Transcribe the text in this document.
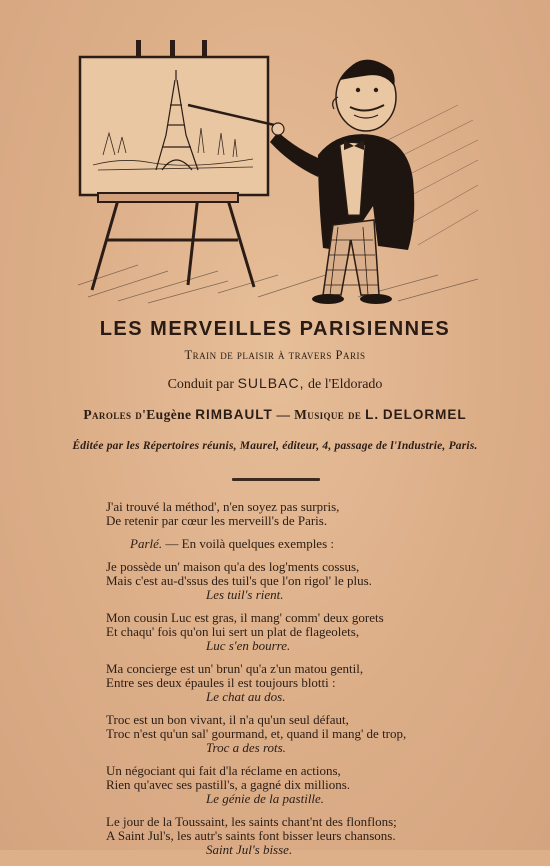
LES MERVEILLES PARISIENNES
Train de plaisir à travers Paris
Conduit par SULBAC, de l'Eldorado
Paroles d'Eugène RIMBAULT — Musique de L. DELORMEL
Éditée par les Répertoires réunis, Maurel, éditeur, 4, passage de l'Industrie, Paris.

J'ai trouvé la méthod', n'en soyez pas surpris,

De retenir par cœur les merveill's de Paris.

Parlé. — En voilà quelques exemples :

Je possède un' maison qu'a des log'ments cossus,

Mais c'est au-d'ssus des tuil's que l'on rigol' le plus.

Les tuil's rient.

Mon cousin Luc est gras, il mang' comm' deux gorets

Et chaqu' fois qu'on lui sert un plat de flageolets,

Luc s'en bourre.

Ma concierge est un' brun' qu'a z'un matou gentil,

Entre ses deux épaules il est toujours blotti :

Le chat au dos.

Troc est un bon vivant, il n'a qu'un seul défaut,

Troc n'est qu'un sal' gourmand, et, quand il mang' de trop,

Troc a des rots.

Un négociant qui fait d'la réclame en actions,

Rien qu'avec ses pastill's, a gagné dix millions.

Le génie de la pastille.

Le jour de la Toussaint, les saints chant'nt des flonflons;

A Saint Jul's, les autr's saints font bisser leurs chansons.

Saint Jul's bisse.
